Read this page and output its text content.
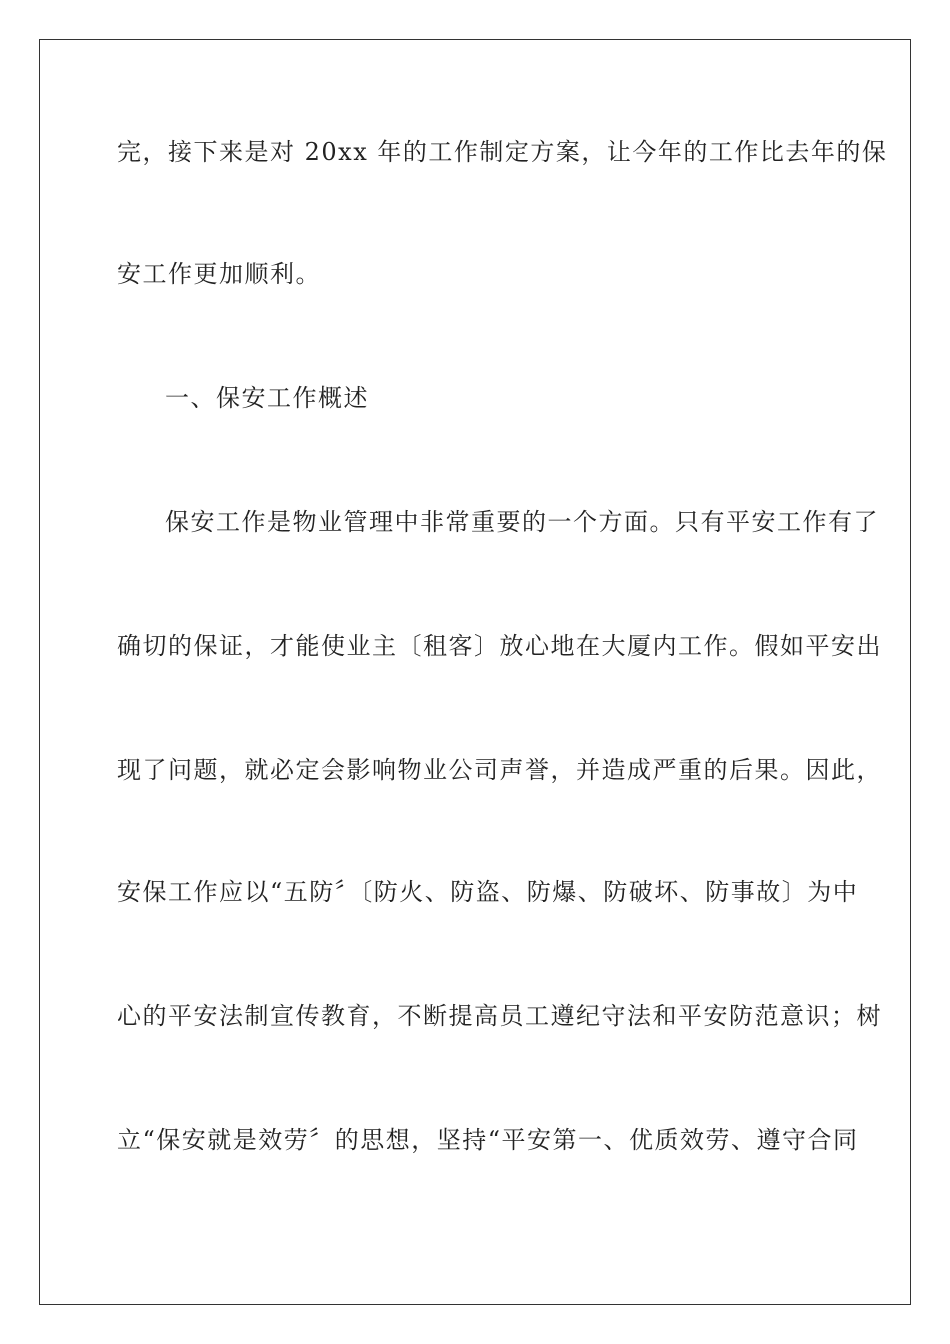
完，接下来是对 20xx 年的工作制定方案，让今年的工作比去年的保
安工作更加顺利。
一、保安工作概述
保安工作是物业管理中非常重要的一个方面。只有平安工作有了
确切的保证，才能使业主〔租客〕放心地在大厦内工作。假如平安出
现了问题，就必定会影响物业公司声誉，并造成严重的后果。因此，
安保工作应以“五防〞〔防火、防盗、防爆、防破坏、防事故〕为中
心的平安法制宣传教育，不断提高员工遵纪守法和平安防范意识；树
立“保安就是效劳〞的思想，坚持“平安第一、优质效劳、遵守合同
